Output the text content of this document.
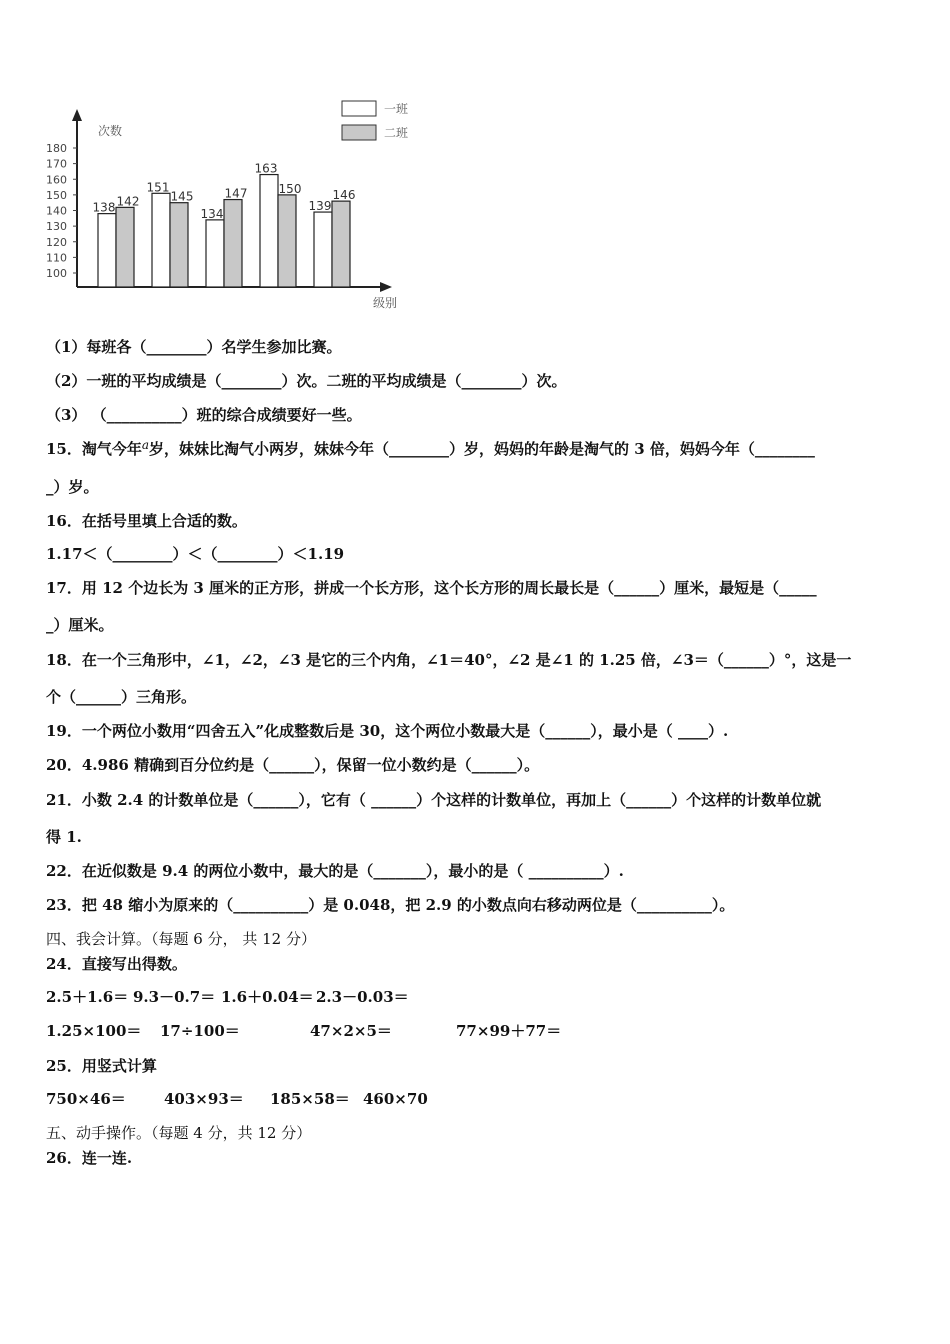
次数
级别
100
110
120
130
140
150
160
170
180
138 142
151
145
134
147
163
150
139
146
一班
二班
（1）每班各（________）名学生参加比赛。
（2）一班的平均成绩是（________）次。二班的平均成绩是（________）次。
（3） （__________）班的综合成绩要好一些。
15．淘气今年$^a$岁，妹妹比淘气小两岁，妹妹今年（________）岁，妈妈的年龄是淘气的 3 倍，妈妈今年（________
_）岁。
16．在括号里填上合适的数。
1.17＜（________）＜（________）＜1.19
17．用 12 个边长为 3 厘米的正方形，拼成一个长方形，这个长方形的周长最长是（______）厘米，最短是（_____
_）厘米。
18．在一个三角形中，∠1，∠2，∠3 是它的三个内角，∠1＝40°，∠2 是∠1 的 1.25 倍，∠3＝（______）°，这是一
个（______）三角形。
19．一个两位小数用“四舍五入”化成整数后是 30，这个两位小数最大是（______），最小是（ ____）.
20．4.986 精确到百分位约是（______），保留一位小数约是（______）。
21．小数 2.4 的计数单位是（______），它有（ ______）个这样的计数单位，再加上（______）个这样的计数单位就
得 1.
22．在近似数是 9.4 的两位小数中，最大的是（_______），最小的是（ __________）.
23．把 48 缩小为原来的（__________）是 0.048，把 2.9 的小数点向右移动两位是（__________）。
四、我会计算。（每题 6 分， 共 12 分）
24．直接写出得数。
2.5＋1.6＝ 9.3－0.7＝ 1.6＋0.04＝ 2.3－0.03＝
1.25×100＝ 17÷100＝	47×2×5＝	77×99＋77＝
25．用竖式计算
750×46＝	403×93＝ 185×58＝ 460×70
五、动手操作。（每题 4 分，共 12 分）
26．连一连.
